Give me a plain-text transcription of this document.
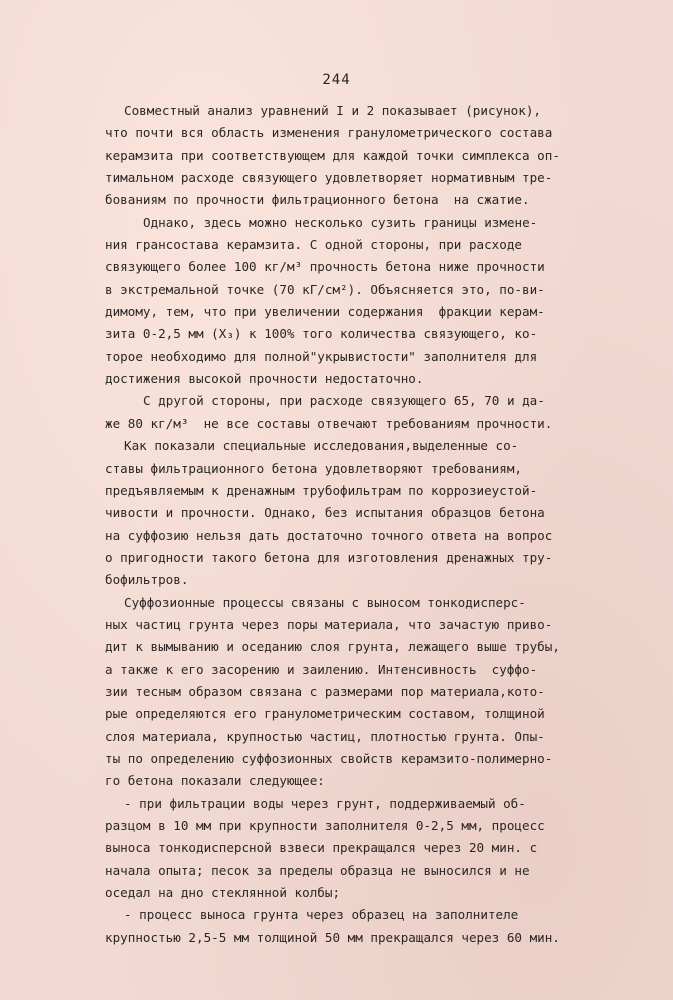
244
Совместный анализ уравнений I и 2 показывает (рисунок),
что почти вся область изменения гранулометрического состава
керамзита при соответствующем для каждой точки симплекса оп-
тимальном расходе связующего удовлетворяет нормативным тре-
бованиям по прочности фильтрационного бетона  на сжатие.
Однако, здесь можно несколько сузить границы измене-
ния грансостава керамзита. С одной стороны, при расходе
связующего более 100 кг/м³ прочность бетона ниже прочности
в экстремальной точке (70 кГ/см²). Объясняется это, по-ви-
димому, тем, что при увеличении содержания  фракции керам-
зита 0-2,5 мм (X₃) к 100% того количества связующего, ко-
торое необходимо для полной"укрывистости" заполнителя для
достижения высокой прочности недостаточно.
С другой стороны, при расходе связующего 65, 70 и да-
же 80 кг/м³  не все составы отвечают требованиям прочности.
Как показали специальные исследования,выделенные со-
ставы фильтрационного бетона удовлетворяют требованиям,
предъявляемым к дренажным трубофильтрам по коррозиеустой-
чивости и прочности. Однако, без испытания образцов бетона
на суффозию нельзя дать достаточно точного ответа на вопрос
о пригодности такого бетона для изготовления дренажных тру-
бофильтров.
Суффозионные процессы связаны с выносом тонкодисперс-
ных частиц грунта через поры материала, что зачастую приво-
дит к вымыванию и оседанию слоя грунта, лежащего выше трубы,
а также к его засорению и заилению. Интенсивность  суффо-
зии тесным образом связана с размерами пор материала,кото-
рые определяются его гранулометрическим составом, толщиной
слоя материала, крупностью частиц, плотностью грунта. Опы-
ты по определению суффозионных свойств керамзито-полимерно-
го бетона показали следующее:
- при фильтрации воды через грунт, поддерживаемый об-
разцом в 10 мм при крупности заполнителя 0-2,5 мм, процесс
выноса тонкодисперсной взвеси прекращался через 20 мин. с
начала опыта; песок за пределы образца не выносился и не
оседал на дно стеклянной колбы;
- процесс выноса грунта через образец на заполнителе
крупностью 2,5-5 мм толщиной 50 мм прекращался через 60 мин.
